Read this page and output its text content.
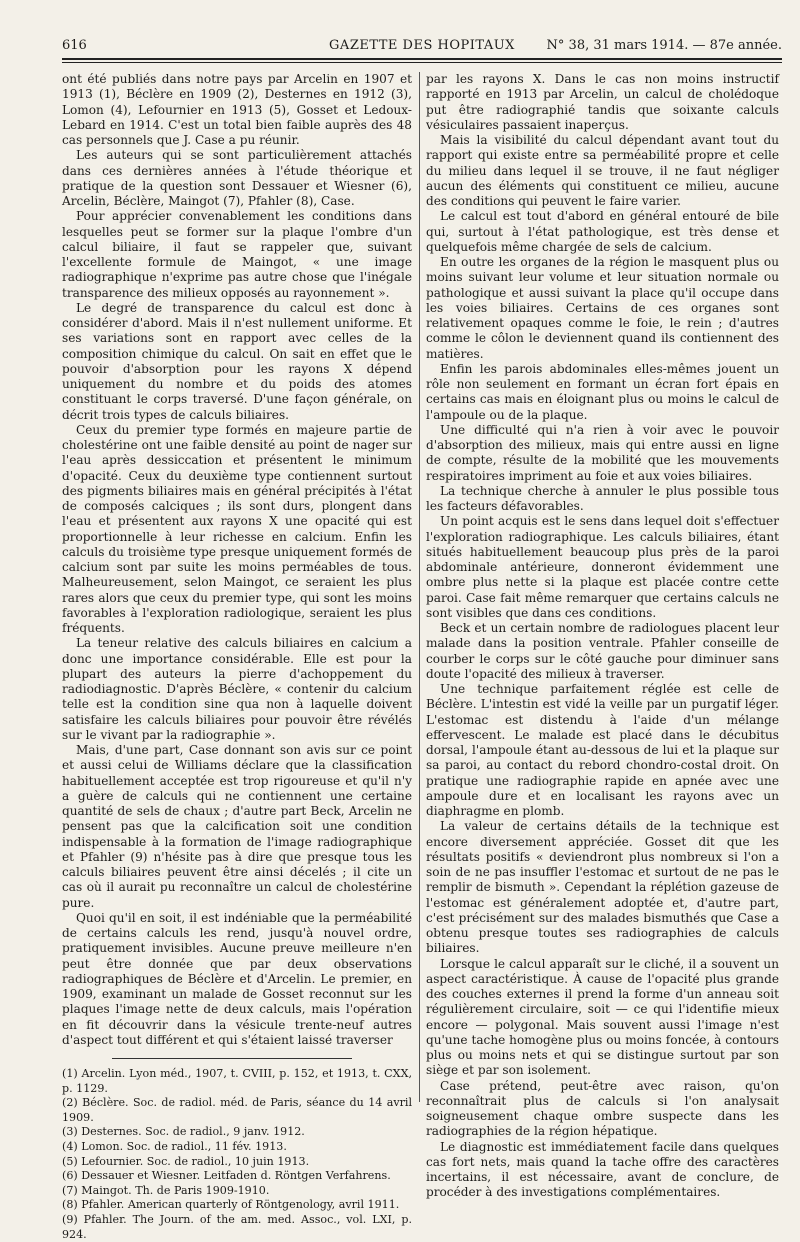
616	GAZETTE DES HOPITAUX	N° 38, 31 mars 1914. — 87e année.

ont été publiés dans notre pays par Arcelin en 1907 et 1913 (1), Béclère en 1909 (2), Desternes en 1912 (3), Lomon (4), Lefournier en 1913 (5), Gosset et Ledoux-Lebard en 1914. C'est un total bien faible auprès des 48 cas personnels que J. Case a pu réunir.

Les auteurs qui se sont particulièrement attachés dans ces dernières années à l'étude théorique et pratique de la question sont Dessauer et Wiesner (6), Arcelin, Béclère, Maingot (7), Pfahler (8), Case.

Pour apprécier convenablement les conditions dans lesquelles peut se former sur la plaque l'ombre d'un calcul biliaire, il faut se rappeler que, suivant l'excellente formule de Maingot, « une image radiographique n'exprime pas autre chose que l'inégale transparence des milieux opposés au rayonnement ».

Le degré de transparence du calcul est donc à considérer d'abord. Mais il n'est nullement uniforme. Et ses variations sont en rapport avec celles de la composition chimique du calcul. On sait en effet que le pouvoir d'absorption pour les rayons X dépend uniquement du nombre et du poids des atomes constituant le corps traversé. D'une façon générale, on décrit trois types de calculs biliaires.

Ceux du premier type formés en majeure partie de cholestérine ont une faible densité au point de nager sur l'eau après dessiccation et présentent le minimum d'opacité. Ceux du deuxième type contiennent surtout des pigments biliaires mais en général précipités à l'état de composés calciques ; ils sont durs, plongent dans l'eau et présentent aux rayons X une opacité qui est proportionnelle à leur richesse en calcium. Enfin les calculs du troisième type presque uniquement formés de calcium sont par suite les moins perméables de tous. Malheureusement, selon Maingot, ce seraient les plus rares alors que ceux du premier type, qui sont les moins favorables à l'exploration radiologique, seraient les plus fréquents.

La teneur relative des calculs biliaires en calcium a donc une importance considérable. Elle est pour la plupart des auteurs la pierre d'achoppement du radiodiagnostic. D'après Béclère, « contenir du calcium telle est la condition sine qua non à laquelle doivent satisfaire les calculs biliaires pour pouvoir être révélés sur le vivant par la radiographie ».

Mais, d'une part, Case donnant son avis sur ce point et aussi celui de Williams déclare que la classification habituellement acceptée est trop rigoureuse et qu'il n'y a guère de calculs qui ne contiennent une certaine quantité de sels de chaux ; d'autre part Beck, Arcelin ne pensent pas que la calcification soit une condition indispensable à la formation de l'image radiographique et Pfahler (9) n'hésite pas à dire que presque tous les calculs biliaires peuvent être ainsi décelés ; il cite un cas où il aurait pu reconnaître un calcul de cholestérine pure.

Quoi qu'il en soit, il est indéniable que la perméabilité de certains calculs les rend, jusqu'à nouvel ordre, pratiquement invisibles. Aucune preuve meilleure n'en peut être donnée que par deux observations radiographiques de Béclère et d'Arcelin. Le premier, en 1909, examinant un malade de Gosset reconnut sur les plaques l'image nette de deux calculs, mais l'opération en fit découvrir dans la vésicule trente-neuf autres d'aspect tout différent et qui s'étaient laissé traverser

(1) Arcelin. Lyon méd., 1907, t. CVIII, p. 152, et 1913, t. CXX, p. 1129.

(2) Béclère. Soc. de radiol. méd. de Paris, séance du 14 avril 1909.

(3) Desternes. Soc. de radiol., 9 janv. 1912.

(4) Lomon. Soc. de radiol., 11 fév. 1913.

(5) Lefournier. Soc. de radiol., 10 juin 1913.

(6) Dessauer et Wiesner. Leitfaden d. Röntgen Verfahrens.

(7) Maingot. Th. de Paris 1909-1910.

(8) Pfahler. American quarterly of Röntgenology, avril 1911.

(9) Pfahler. The Journ. of the am. med. Assoc., vol. LXI, p. 924.

par les rayons X. Dans le cas non moins instructif rapporté en 1913 par Arcelin, un calcul de cholédoque put être radiographié tandis que soixante calculs vésiculaires passaient inaperçus.

Mais la visibilité du calcul dépendant avant tout du rapport qui existe entre sa perméabilité propre et celle du milieu dans lequel il se trouve, il ne faut négliger aucun des éléments qui constituent ce milieu, aucune des conditions qui peuvent le faire varier.

Le calcul est tout d'abord en général entouré de bile qui, surtout à l'état pathologique, est très dense et quelquefois même chargée de sels de calcium.

En outre les organes de la région le masquent plus ou moins suivant leur volume et leur situation normale ou pathologique et aussi suivant la place qu'il occupe dans les voies biliaires. Certains de ces organes sont relativement opaques comme le foie, le rein ; d'autres comme le côlon le deviennent quand ils contiennent des matières.

Enfin les parois abdominales elles-mêmes jouent un rôle non seulement en formant un écran fort épais en certains cas mais en éloignant plus ou moins le calcul de l'ampoule ou de la plaque.

Une difficulté qui n'a rien à voir avec le pouvoir d'absorption des milieux, mais qui entre aussi en ligne de compte, résulte de la mobilité que les mouvements respiratoires impriment au foie et aux voies biliaires.

La technique cherche à annuler le plus possible tous les facteurs défavorables.

Un point acquis est le sens dans lequel doit s'effectuer l'exploration radiographique. Les calculs biliaires, étant situés habituellement beaucoup plus près de la paroi abdominale antérieure, donneront évidemment une ombre plus nette si la plaque est placée contre cette paroi. Case fait même remarquer que certains calculs ne sont visibles que dans ces conditions.

Beck et un certain nombre de radiologues placent leur malade dans la position ventrale. Pfahler conseille de courber le corps sur le côté gauche pour diminuer sans doute l'opacité des milieux à traverser.

Une technique parfaitement réglée est celle de Béclère. L'intestin est vidé la veille par un purgatif léger. L'estomac est distendu à l'aide d'un mélange effervescent. Le malade est placé dans le décubitus dorsal, l'ampoule étant au-dessous de lui et la plaque sur sa paroi, au contact du rebord chondro-costal droit. On pratique une radiographie rapide en apnée avec une ampoule dure et en localisant les rayons avec un diaphragme en plomb.

La valeur de certains détails de la technique est encore diversement appréciée. Gosset dit que les résultats positifs « deviendront plus nombreux si l'on a soin de ne pas insuffler l'estomac et surtout de ne pas le remplir de bismuth ». Cependant la réplétion gazeuse de l'estomac est généralement adoptée et, d'autre part, c'est précisément sur des malades bismuthés que Case a obtenu presque toutes ses radiographies de calculs biliaires.

Lorsque le calcul apparaît sur le cliché, il a souvent un aspect caractéristique. À cause de l'opacité plus grande des couches externes il prend la forme d'un anneau soit régulièrement circulaire, soit — ce qui l'identifie mieux encore — polygonal. Mais souvent aussi l'image n'est qu'une tache homogène plus ou moins foncée, à contours plus ou moins nets et qui se distingue surtout par son siège et par son isolement.

Case prétend, peut-être avec raison, qu'on reconnaîtrait plus de calculs si l'on analysait soigneusement chaque ombre suspecte dans les radiographies de la région hépatique.

Le diagnostic est immédiatement facile dans quelques cas fort nets, mais quand la tache offre des caractères incertains, il est nécessaire, avant de conclure, de procéder à des investigations complémentaires.
